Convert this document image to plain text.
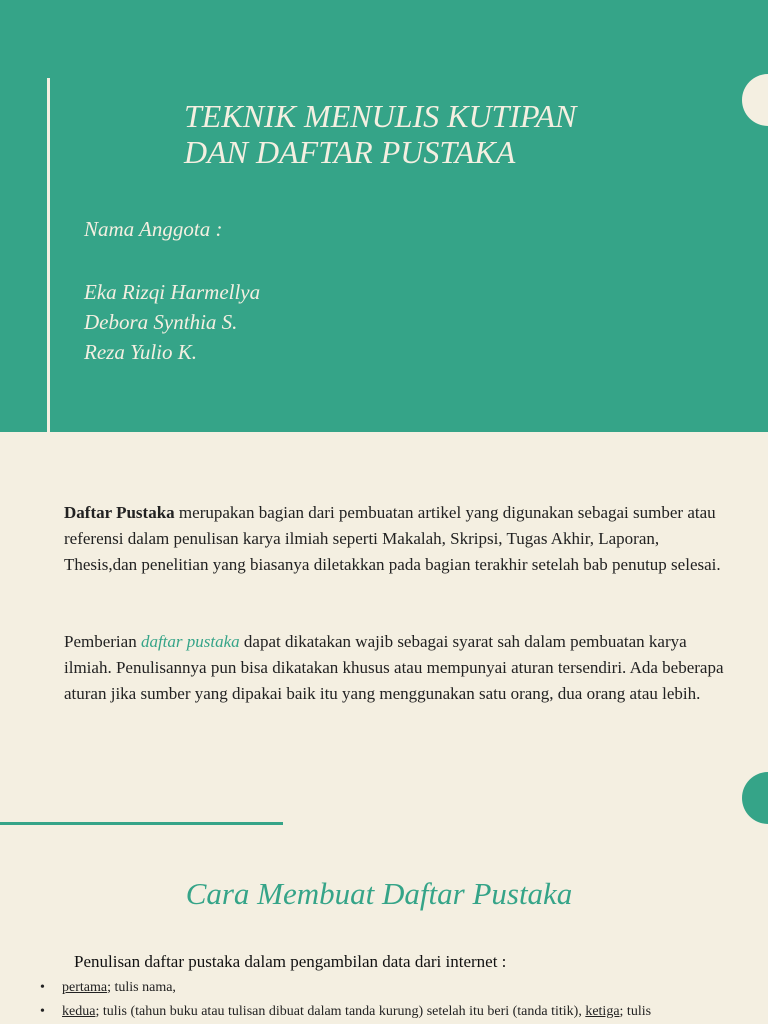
TEKNIK MENULIS KUTIPAN
DAN DAFTAR PUSTAKA

Nama Anggota :

Eka Rizqi Harmellya
Debora Synthia S.
Reza Yulio K.

Daftar Pustaka merupakan bagian dari pembuatan artikel yang digunakan sebagai sumber atau referensi dalam penulisan karya ilmiah seperti Makalah, Skripsi, Tugas Akhir, Laporan, Thesis,dan penelitian yang biasanya diletakkan pada bagian terakhir setelah bab penutup selesai.

Pemberian daftar pustaka dapat dikatakan wajib sebagai syarat sah dalam pembuatan karya ilmiah. Penulisannya pun bisa dikatakan khusus atau mempunyai aturan tersendiri. Ada beberapa aturan jika sumber yang dipakai baik itu yang menggunakan satu orang, dua orang atau lebih.

Cara Membuat Daftar Pustaka

Penulisan daftar pustaka dalam pengambilan data dari internet :

• pertama; tulis nama,
• kedua; tulis (tahun buku atau tulisan dibuat dalam tanda kurung) setelah itu beri (tanda titik), ketiga; tulis
